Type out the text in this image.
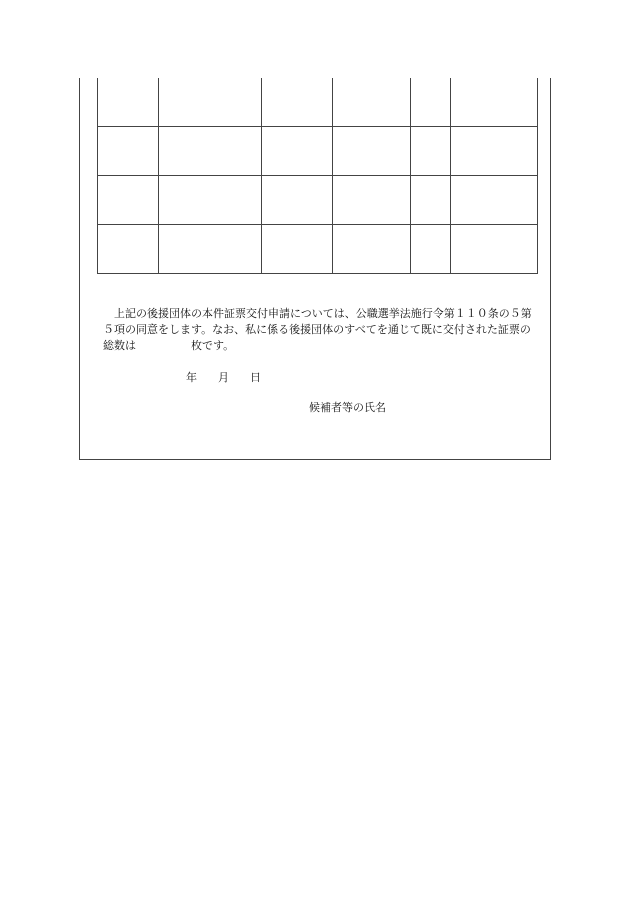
上記の後援団体の本件証票交付申請については、公職選挙法施行令第１１０条の５第５項の同意をします。なお、私に係る後援団体のすべてを通じて既に交付された証票の総数は	枚です。

年 月 日
候補者等の氏名
